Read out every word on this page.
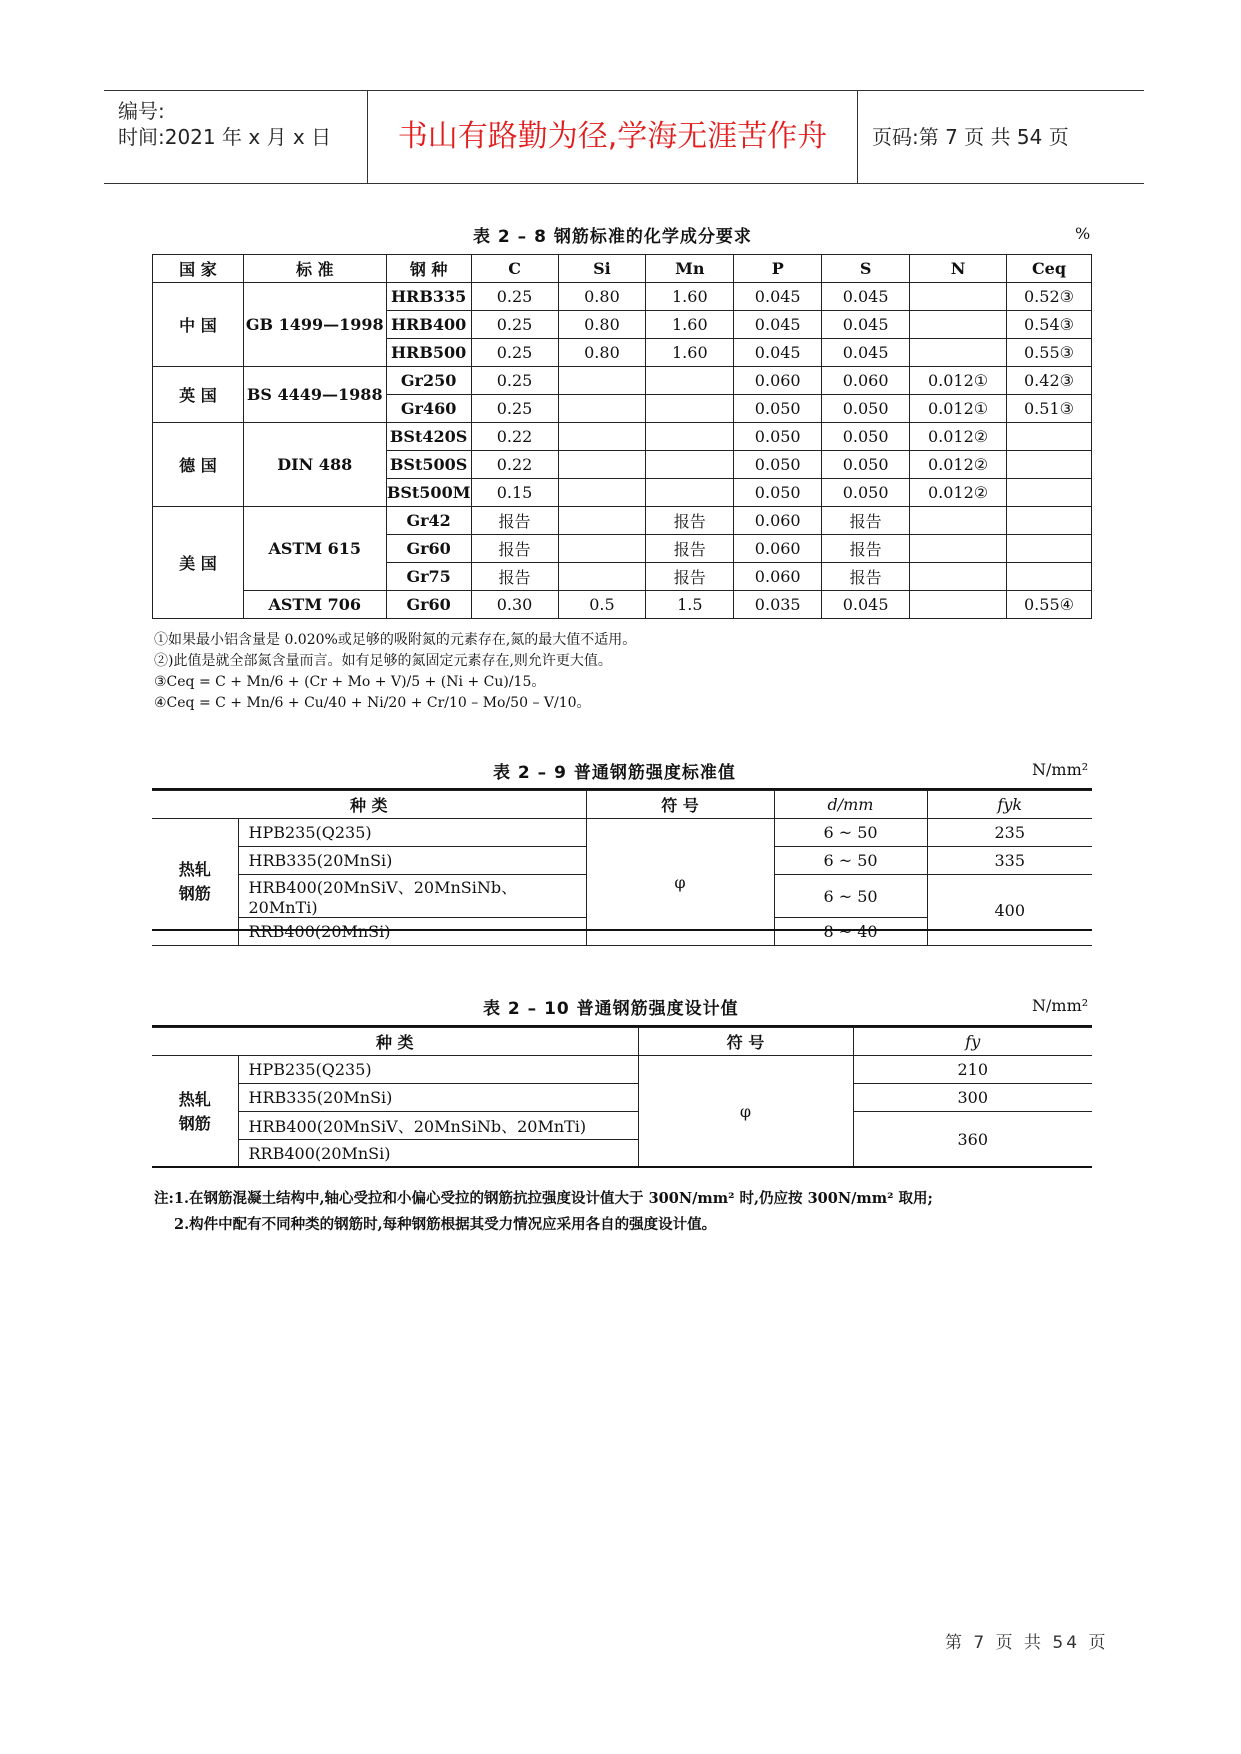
编号:
时间:2021 年 x 月 x 日	书山有路勤为径,学海无涯苦作舟	页码:第 7 页 共 54 页
表 2 – 8 钢筋标准的化学成分要求	%
国 家	标 准	钢 种	C	Si	Mn	P	S	N	Ceq
中 国	GB 1499—1998	HRB335	0.25	0.80	1.60	0.045	0.045		0.52③
		HRB400	0.25	0.80	1.60	0.045	0.045		0.54③
		HRB500	0.25	0.80	1.60	0.045	0.045		0.55③
英 国	BS 4449—1988	Gr250	0.25			0.060	0.060	0.012①	0.42③
		Gr460	0.25			0.050	0.050	0.012①	0.51③
德 国	DIN 488	BSt420S	0.22			0.050	0.050	0.012②	
		BSt500S	0.22			0.050	0.050	0.012②	
		BSt500M	0.15			0.050	0.050	0.012②	
美 国	ASTM 615	Gr42	报告		报告	0.060	报告		
		Gr60	报告		报告	0.060	报告		
		Gr75	报告		报告	0.060	报告		
	ASTM 706	Gr60	0.30	0.5	1.5	0.035	0.045		0.55④
①如果最小铝含量是 0.020%或足够的吸附氮的元素存在,氮的最大值不适用。
②)此值是就全部氮含量而言。如有足够的氮固定元素存在,则允许更大值。
③Ceq = C + Mn/6 + (Cr + Mo + V)/5 + (Ni + Cu)/15。
④Ceq = C + Mn/6 + Cu/40 + Ni/20 + Cr/10 – Mo/50 – V/10。
表 2 – 9 普通钢筋强度标准值	N/mm²
种 类		符 号	d/mm	fyk

热轧
钢筋	HPB235(Q235)	φ	6 ~ 50	235
	HRB335(20MnSi)		6 ~ 50	335
	HRB400(20MnSiV、20MnSiNb、20MnTi)		6 ~ 50	400
	RRB400(20MnSi)		8 ~ 40	
表 2 – 10 普通钢筋强度设计值	N/mm²
种 类		符 号	fy

热轧
钢筋	HPB235(Q235)	φ	210
	HRB335(20MnSi)		300
	HRB400(20MnSiV、20MnSiNb、20MnTi)		360
	RRB400(20MnSi)		
注:1.在钢筋混凝土结构中,轴心受拉和小偏心受拉的钢筋抗拉强度设计值大于 300N/mm² 时,仍应按 300N/mm² 取用;
2.构件中配有不同种类的钢筋时,每种钢筋根据其受力情况应采用各自的强度设计值。
第 7 页 共 54 页
